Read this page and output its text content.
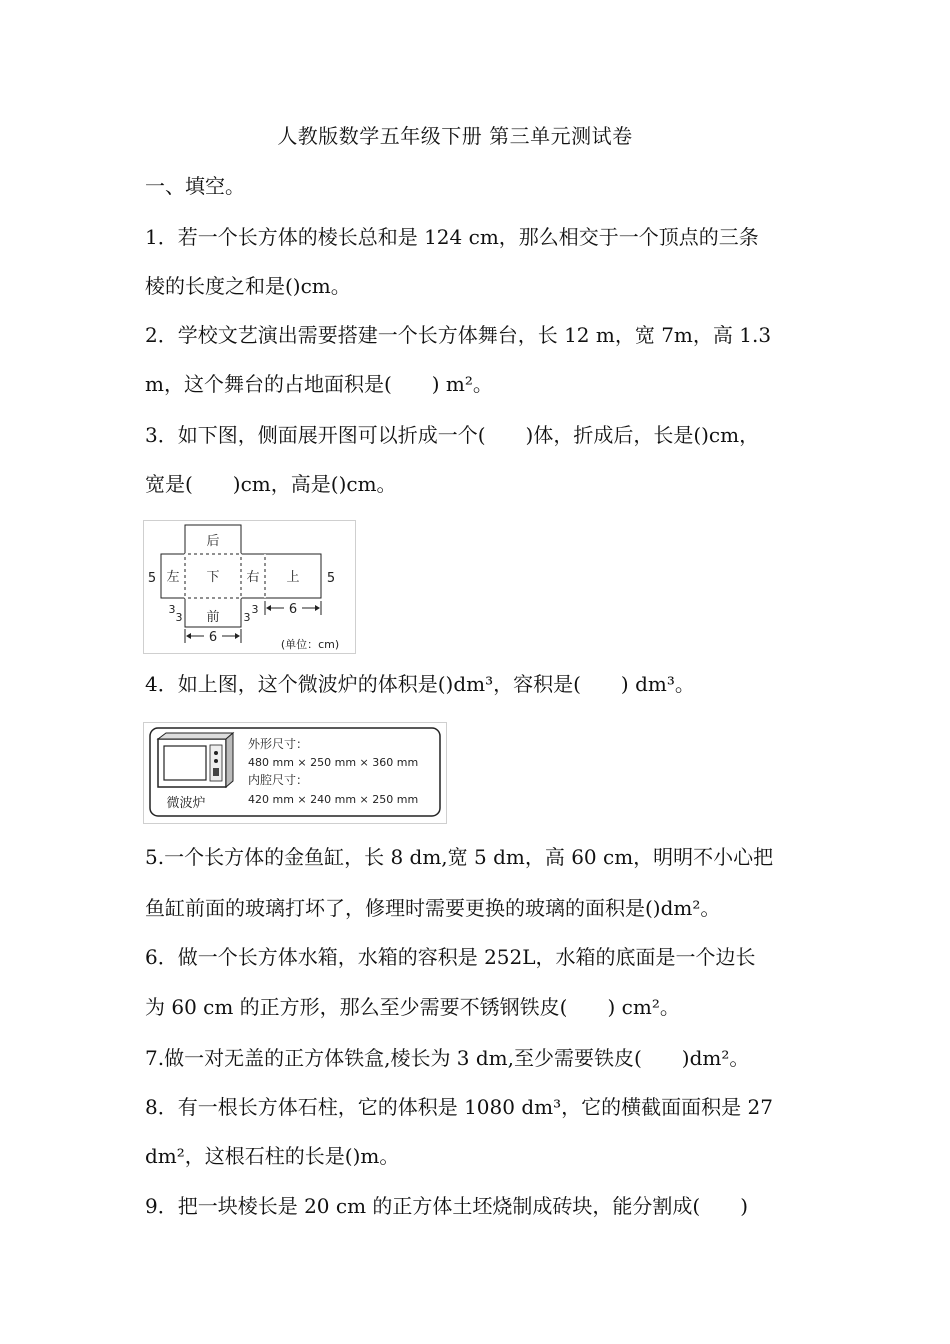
人教版数学五年级下册 第三单元测试卷
一、填空。
1．若一个长方体的棱长总和是 124 cm，那么相交于一个顶点的三条
棱的长度之和是()cm。
2．学校文艺演出需要搭建一个长方体舞台，长 12 m，宽 7m，高 1.3
m，这个舞台的占地面积是(　　) m²。
3．如下图，侧面展开图可以折成一个(　　)体，折成后，长是()cm，
宽是(　　)cm，高是()cm。
后
左 下 右 上
前
5	5
6
6
3
3	3
3
(单位：cm)
4．如上图，这个微波炉的体积是()dm³，容积是(　　) dm³。
微波炉
外形尺寸：
480 mm × 250 mm × 360 mm
内腔尺寸：
420 mm × 240 mm × 250 mm
5.一个长方体的金鱼缸，长 8 dm,宽 5 dm，高 60 cm，明明不小心把
鱼缸前面的玻璃打坏了，修理时需要更换的玻璃的面积是()dm²。
6．做一个长方体水箱，水箱的容积是 252L，水箱的底面是一个边长
为 60 cm 的正方形，那么至少需要不锈钢铁皮(　　) cm²。
7.做一对无盖的正方体铁盒,棱长为 3 dm,至少需要铁皮(　　)dm²。
8．有一根长方体石柱，它的体积是 1080 dm³，它的横截面面积是 27
dm²，这根石柱的长是()m。
9．把一块棱长是 20 cm 的正方体土坯烧制成砖块，能分割成(　　)
